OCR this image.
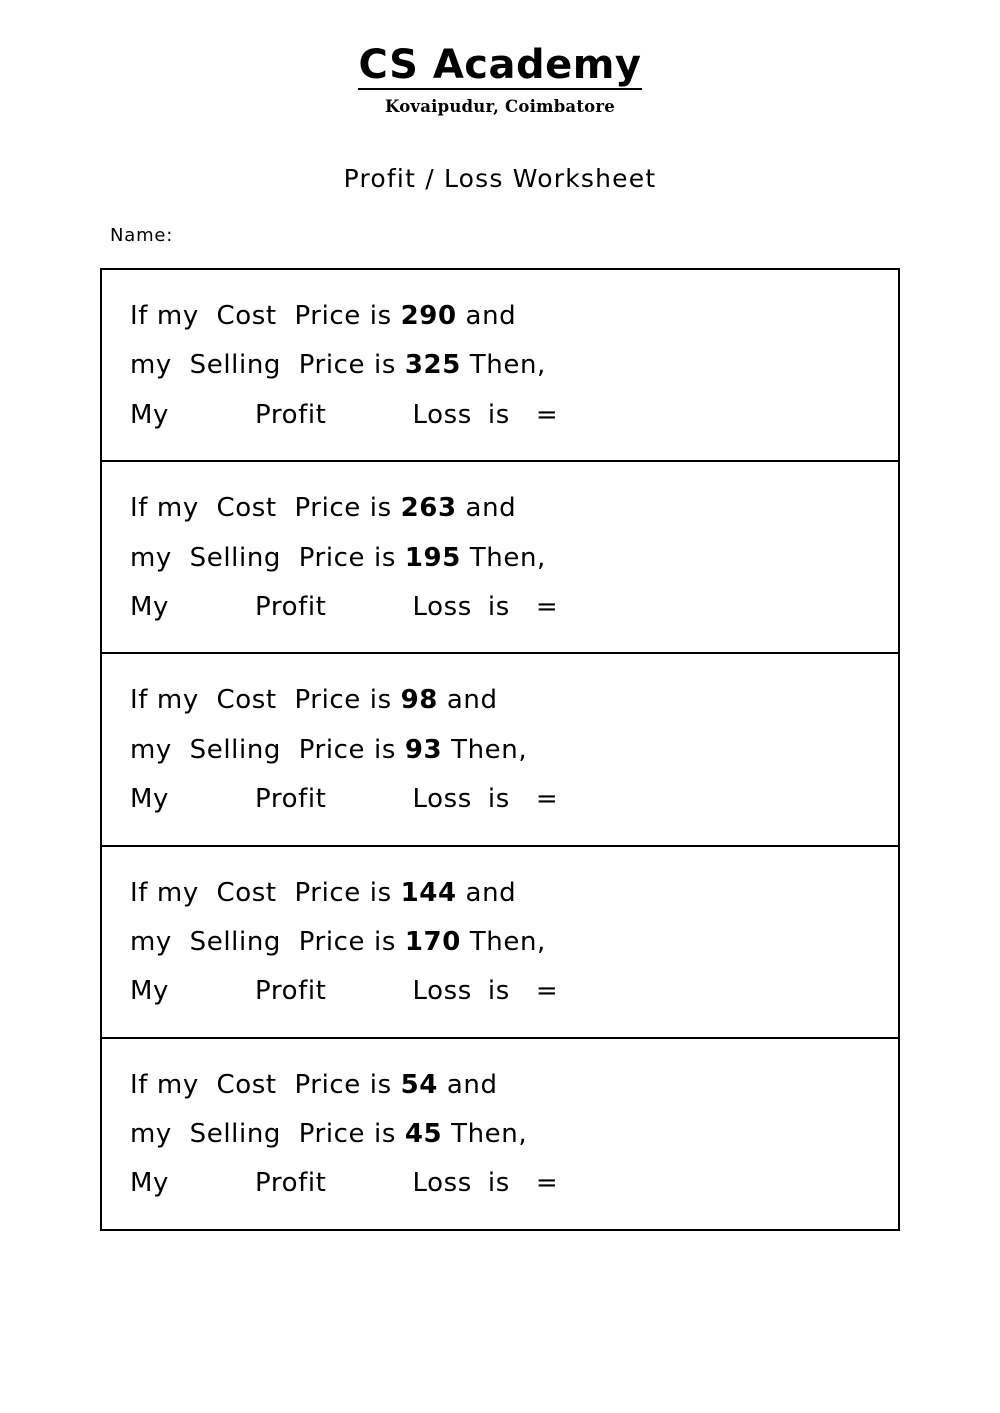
CS Academy
Kovaipudur, Coimbatore
Profit / Loss Worksheet
Name:
If my  Cost  Price is 290 and
my  Selling  Price is 325 Then,
My	Profit	Loss is =
If my  Cost  Price is 263 and
my  Selling  Price is 195 Then,
My	Profit	Loss is =
If my  Cost  Price is 98 and
my  Selling  Price is 93 Then,
My	Profit	Loss is =
If my  Cost  Price is 144 and
my  Selling  Price is 170 Then,
My	Profit	Loss is =
If my  Cost  Price is 54 and
my  Selling  Price is 45 Then,
My	Profit	Loss is =
